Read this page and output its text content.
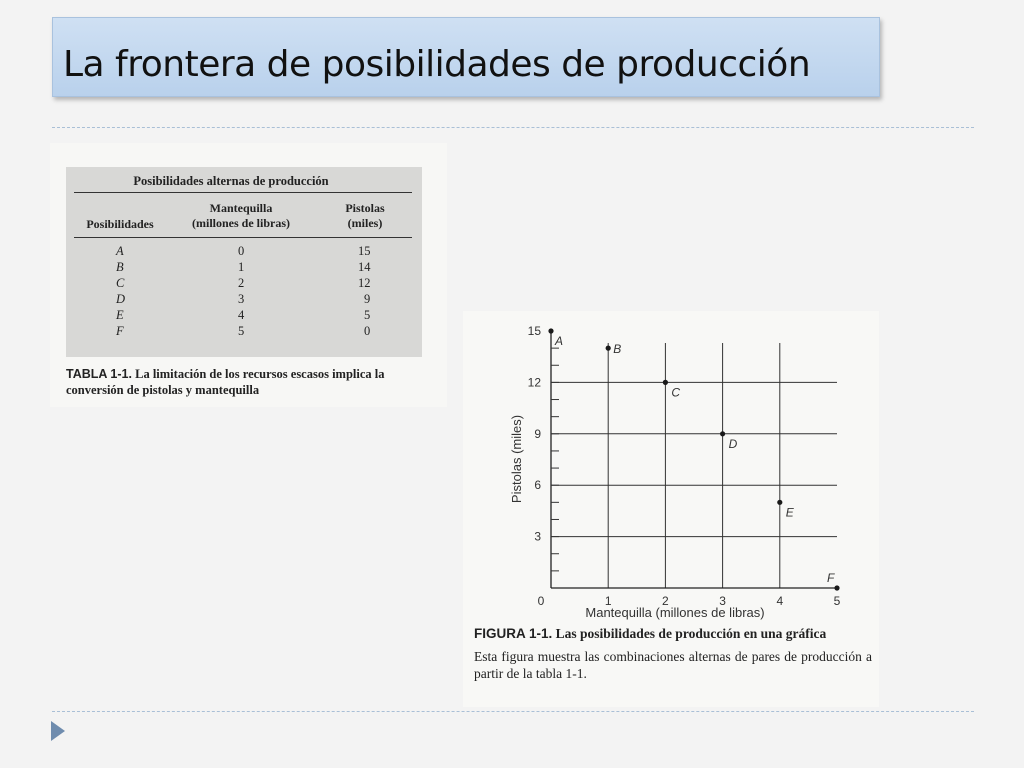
La frontera de posibilidades de producción
Posibilidades alternas de producción
Posibilidades
Mantequilla
(millones de libras)
Pistolas
(miles)
A	0	15
B	1	14
C	2	12
D	3	9
E	4	5
F	5	0
TABLA 1-1. La limitación de los recursos escasos implica la conversión de pistolas y mantequilla
3
6
9
12
15
0	1	2	3	4	5
A
B
C
D
E
F
Mantequilla (millones de libras)
Pistolas (miles)
FIGURA 1-1. Las posibilidades de producción en una gráfica
Esta figura muestra las combinaciones alternas de pares de producción a partir de la tabla 1-1.
